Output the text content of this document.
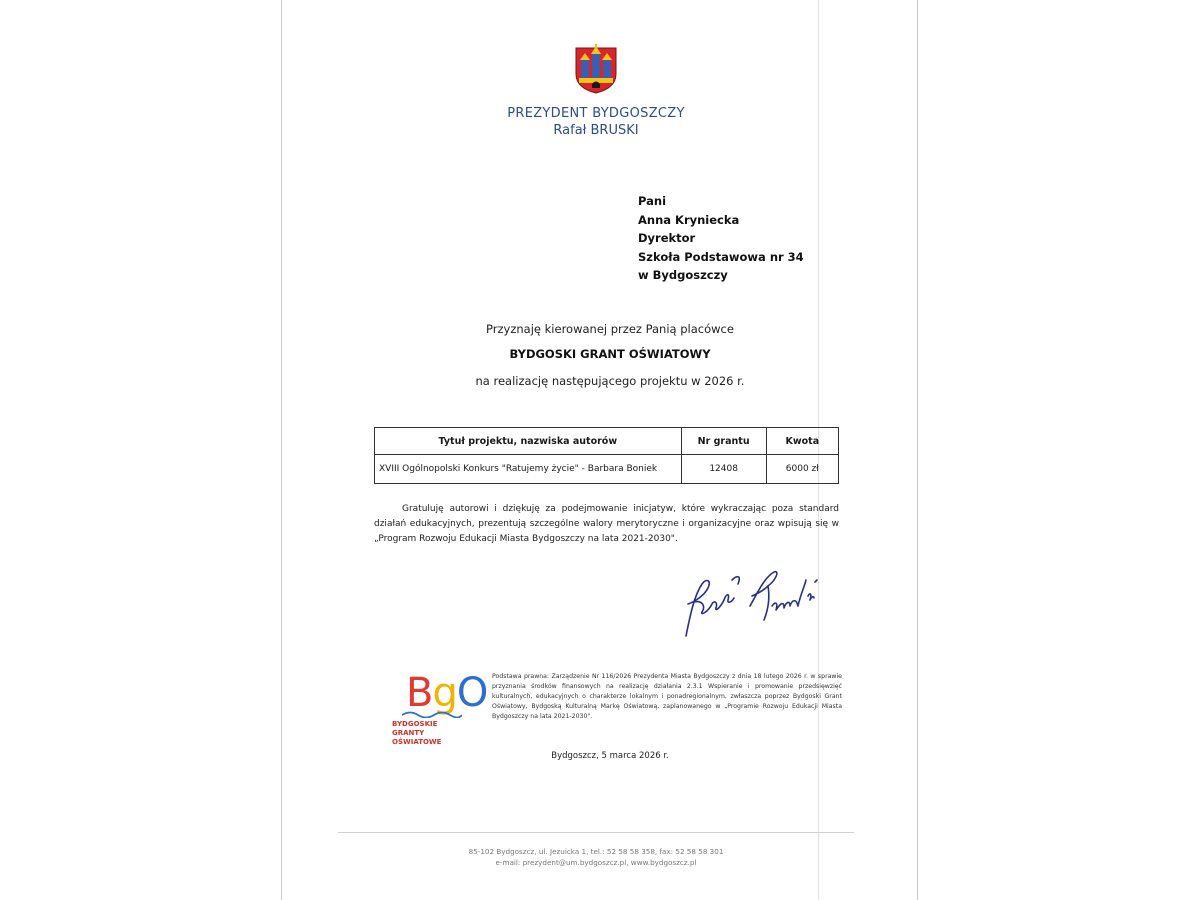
PREZYDENT BYDGOSZCZY
Rafał BRUSKI
Pani
Anna Kryniecka
Dyrektor
Szkoła Podstawowa nr 34
w Bydgoszczy
Przyznaję kierowanej przez Panią placówce
BYDGOSKI GRANT OŚWIATOWY
na realizację następującego projektu w 2026 r.
Tytuł projektu, nazwiska autorów	Nr grantu	Kwota
XVIII Ogólnopolski Konkurs "Ratujemy życie" - Barbara Boniek	12408	6000 zł

Gratuluję autorowi i dziękuję za podejmowanie inicjatyw, które wykraczając poza standard działań edukacyjnych, prezentują szczególne walory merytoryczne i organizacyjne oraz wpisują się w „Program Rozwoju Edukacji Miasta Bydgoszczy na lata 2021-2030".

BgO
BYDGOSKIE
GRANTY
OŚWIATOWE
Podstawa prawna: Zarządzenie Nr 116/2026 Prezydenta Miasta Bydgoszczy z dnia 18 lutego 2026 r. w sprawie przyznania środków finansowych na realizację działania 2.3.1 Wspieranie i promowanie przedsięwzięć kulturalnych, edukacyjnych o charakterze lokalnym i ponadregionalnym, zwłaszcza poprzez Bydgoski Grant Oświatowy, Bydgoską Kulturalną Markę Oświatową, zaplanowanego w „Programie Rozwoju Edukacji Miasta Bydgoszczy na lata 2021-2030".
Bydgoszcz, 5 marca 2026 r.
85-102 Bydgoszcz, ul. Jezuicka 1, tel.: 52 58 58 358, fax: 52 58 58 301
e-mail: prezydent@um.bydgoszcz.pl, www.bydgoszcz.pl
